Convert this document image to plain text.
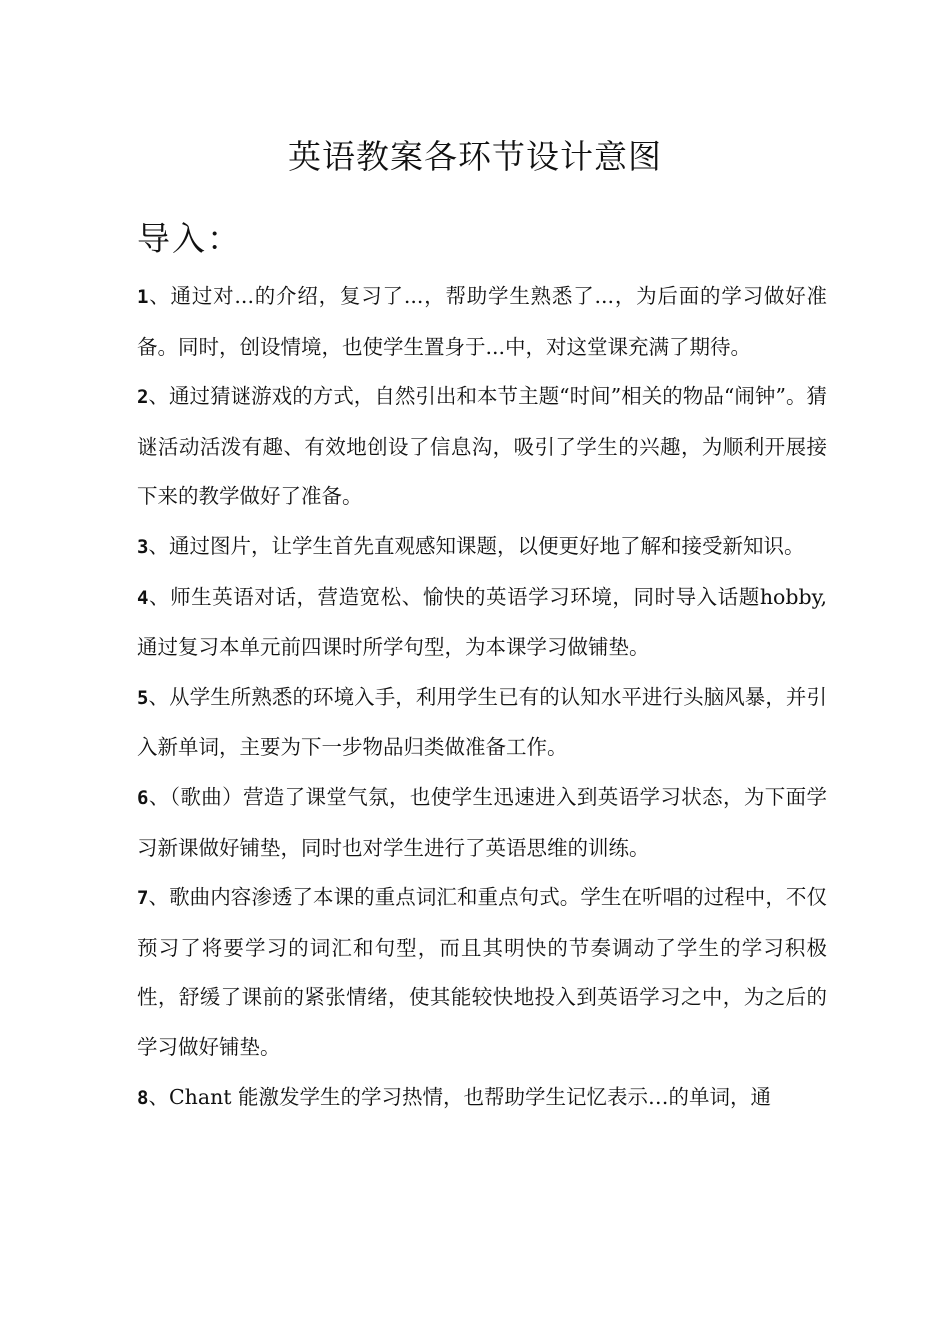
英语教案各环节设计意图
导入：

1、通过对...的介绍，复习了...，帮助学生熟悉了...，为后面的学习做好准备。同时，创设情境，也使学生置身于...中，对这堂课充满了期待。

2、通过猜谜游戏的方式，自然引出和本节主题“时间”相关的物品“闹钟”。猜谜活动活泼有趣、有效地创设了信息沟，吸引了学生的兴趣，为顺利开展接下来的教学做好了准备。

3、通过图片，让学生首先直观感知课题，以便更好地了解和接受新知识。

4、师生英语对话，营造宽松、愉快的英语学习环境，同时导入话题hobby,通过复习本单元前四课时所学句型，为本课学习做铺垫。

5、从学生所熟悉的环境入手，利用学生已有的认知水平进行头脑风暴，并引入新单词，主要为下一步物品归类做准备工作。

6、（歌曲）营造了课堂气氛，也使学生迅速进入到英语学习状态，为下面学习新课做好铺垫，同时也对学生进行了英语思维的训练。

7、歌曲内容渗透了本课的重点词汇和重点句式。学生在听唱的过程中，不仅预习了将要学习的词汇和句型，而且其明快的节奏调动了学生的学习积极性，舒缓了课前的紧张情绪，使其能较快地投入到英语学习之中，为之后的学习做好铺垫。

8、Chant 能激发学生的学习热情，也帮助学生记忆表示…的单词，通
